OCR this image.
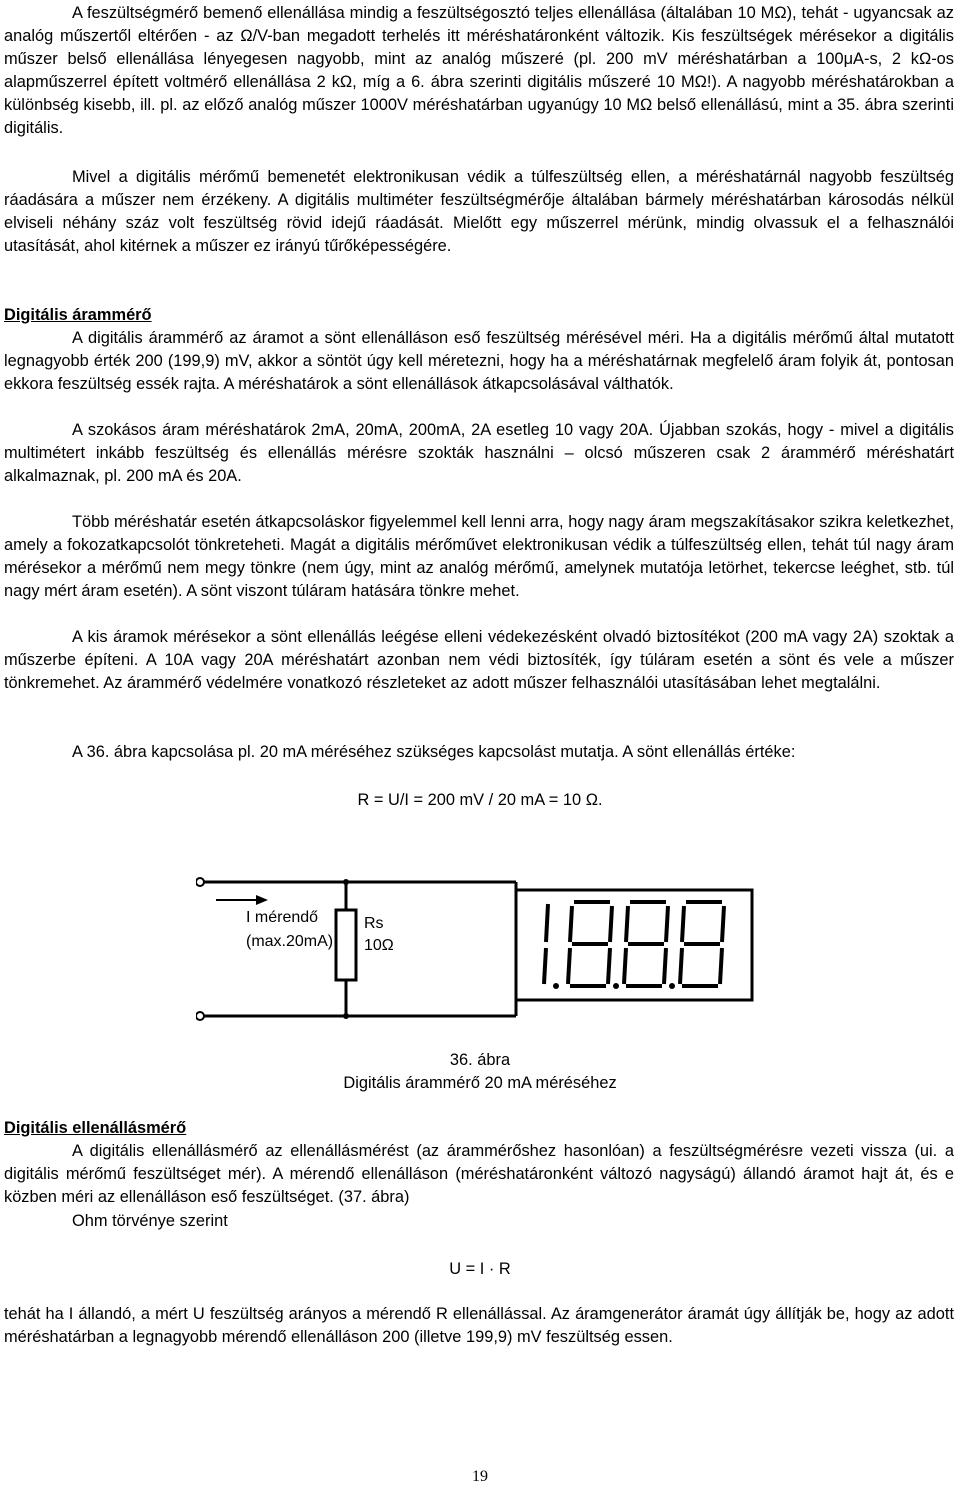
A feszültségmérő bemenő ellenállása mindig a feszültségosztó teljes ellenállása (általában 10 MΩ), tehát - ugyancsak az analóg műszertől eltérően - az Ω/V-ban megadott terhelés itt méréshatáronként változik. Kis feszültségek mérésekor a digitális műszer belső ellenállása lényegesen nagyobb, mint az analóg műszeré (pl. 200 mV méréshatárban a 100μA-s, 2 kΩ-os alapműszerrel épített voltmérő ellenállása 2 kΩ, míg a 6. ábra szerinti digitális műszeré 10 MΩ!). A nagyobb méréshatárokban a különbség kisebb, ill. pl. az előző analóg műszer 1000V méréshatárban ugyanúgy 10 MΩ belső ellenállású, mint a 35. ábra szerinti digitális.

Mivel a digitális mérőmű bemenetét elektronikusan védik a túlfeszültség ellen, a méréshatárnál nagyobb feszültség ráadására a műszer nem érzékeny. A digitális multiméter feszültségmérője általában bármely méréshatárban károsodás nélkül elviseli néhány száz volt feszültség rövid idejű ráadását. Mielőtt egy műszerrel mérünk, mindig olvassuk el a felhasználói utasítását, ahol kitérnek a műszer ez irányú tűrőképességére.

Digitális árammérő

A digitális árammérő az áramot a sönt ellenálláson eső feszültség mérésével méri. Ha a digitális mérőmű által mutatott legnagyobb érték 200 (199,9) mV, akkor a söntöt úgy kell méretezni, hogy ha a méréshatárnak megfelelő áram folyik át, pontosan ekkora feszültség essék rajta. A méréshatárok a sönt ellenállások átkapcsolásával válthatók.

A szokásos áram méréshatárok 2mA, 20mA, 200mA, 2A esetleg 10 vagy 20A. Újabban szokás, hogy - mivel a digitális multimétert inkább feszültség és ellenállás mérésre szokták használni – olcsó műszeren csak 2 árammérő méréshatárt alkalmaznak, pl. 200 mA és 20A.

Több méréshatár esetén átkapcsoláskor figyelemmel kell lenni arra, hogy nagy áram megszakításakor szikra keletkezhet, amely a fokozatkapcsolót tönkreteheti. Magát a digitális mérőművet elektronikusan védik a túlfeszültség ellen, tehát túl nagy áram mérésekor a mérőmű nem megy tönkre (nem úgy, mint az analóg mérőmű, amelynek mutatója letörhet, tekercse leéghet, stb. túl nagy mért áram esetén). A sönt viszont túláram hatására tönkre mehet.

A kis áramok mérésekor a sönt ellenállás leégése elleni védekezésként olvadó biztosítékot (200 mA vagy 2A) szoktak a műszerbe építeni. A 10A vagy 20A méréshatárt azonban nem védi biztosíték, így túláram esetén a sönt és vele a műszer tönkremehet. Az árammérő védelmére vonatkozó részleteket az adott műszer felhasználói utasításában lehet megtalálni.

A 36. ábra kapcsolása pl. 20 mA méréséhez szükséges kapcsolást mutatja. A sönt ellenállás értéke:

R = U/I = 200 mV / 20 mA = 10 Ω.

I mérendő
(max.20mA)
Rs
10Ω

36. ábra

Digitális árammérő 20 mA méréséhez

Digitális ellenállásmérő

A digitális ellenállásmérő az ellenállásmérést (az árammérőshez hasonlóan) a feszültségmérésre vezeti vissza (ui. a digitális mérőmű feszültséget mér). A mérendő ellenálláson (méréshatáronként változó nagyságú) állandó áramot hajt át, és e közben méri az ellenálláson eső feszültséget. (37. ábra)

Ohm törvénye szerint

U = I · R

tehát ha I állandó, a mért U feszültség arányos a mérendő R ellenállással. Az áramgenerátor áramát úgy állítják be, hogy az adott méréshatárban a legnagyobb mérendő ellenálláson 200 (illetve 199,9) mV feszültség essen.

19
